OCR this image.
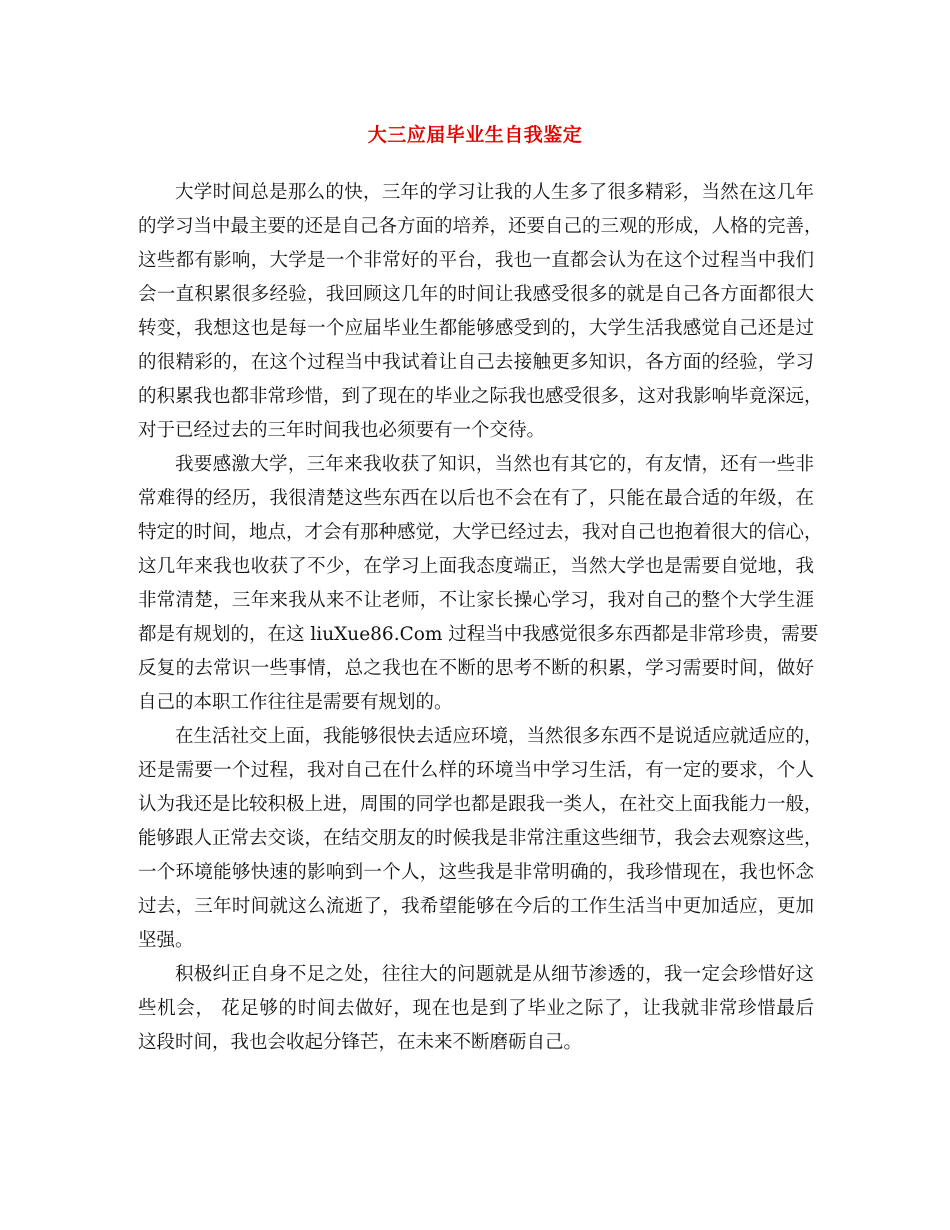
大三应届毕业生自我鉴定

大学时间总是那么的快，三年的学习让我的人生多了很多精彩，当然在这几年
的学习当中最主要的还是自己各方面的培养，还要自己的三观的形成，人格的完善，
这些都有影响，大学是一个非常好的平台，我也一直都会认为在这个过程当中我们
会一直积累很多经验，我回顾这几年的时间让我感受很多的就是自己各方面都很大
转变，我想这也是每一个应届毕业生都能够感受到的，大学生活我感觉自己还是过
的很精彩的，在这个过程当中我试着让自己去接触更多知识，各方面的经验，学习
的积累我也都非常珍惜，到了现在的毕业之际我也感受很多，这对我影响毕竟深远，
对于已经过去的三年时间我也必须要有一个交待。

我要感激大学，三年来我收获了知识，当然也有其它的，有友情，还有一些非
常难得的经历，我很清楚这些东西在以后也不会在有了，只能在最合适的年级，在
特定的时间，地点，才会有那种感觉，大学已经过去，我对自己也抱着很大的信心，
这几年来我也收获了不少，在学习上面我态度端正，当然大学也是需要自觉地，我
非常清楚，三年来我从来不让老师，不让家长操心学习，我对自己的整个大学生涯
都是有规划的，在这 liuXue86.Com 过程当中我感觉很多东西都是非常珍贵，需要
反复的去常识一些事情，总之我也在不断的思考不断的积累，学习需要时间，做好
自己的本职工作往往是需要有规划的。

在生活社交上面，我能够很快去适应环境，当然很多东西不是说适应就适应的，
还是需要一个过程，我对自己在什么样的环境当中学习生活，有一定的要求，个人
认为我还是比较积极上进，周围的同学也都是跟我一类人，在社交上面我能力一般，
能够跟人正常去交谈，在结交朋友的时候我是非常注重这些细节，我会去观察这些，
一个环境能够快速的影响到一个人，这些我是非常明确的，我珍惜现在，我也怀念
过去，三年时间就这么流逝了，我希望能够在今后的工作生活当中更加适应，更加
坚强。

积极纠正自身不足之处，往往大的问题就是从细节渗透的，我一定会珍惜好这
些机会， 花足够的时间去做好，现在也是到了毕业之际了，让我就非常珍惜最后
这段时间，我也会收起分锋芒，在未来不断磨砺自己。
